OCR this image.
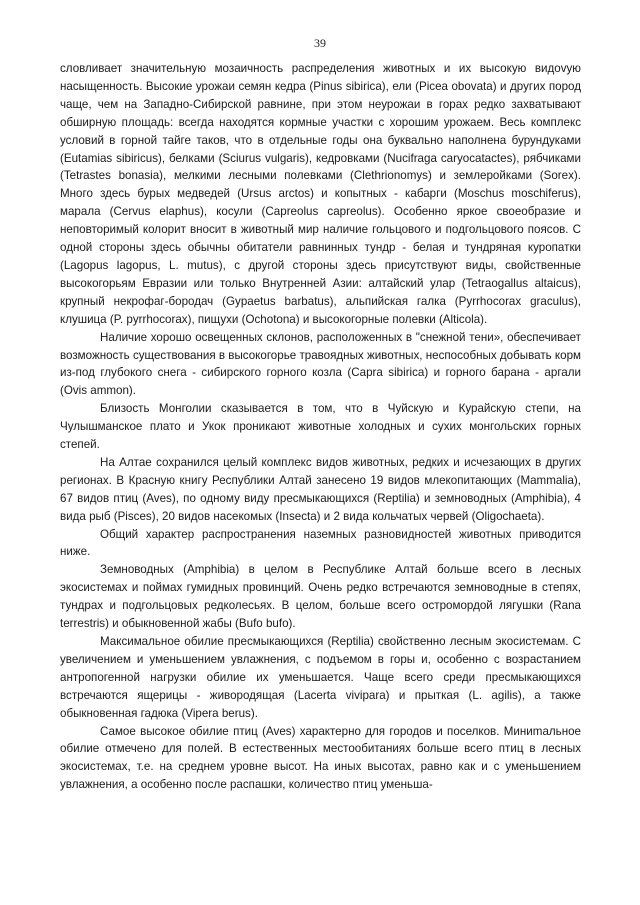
39

словливает значительную мозаичность распределения животных и их высокую видоvую насыщенность. Высокие урожаи семян кедра (Pinus sibirica), ели (Picea obovata) и других пород чаще, чем на Западно-Сибирской равнине, при этом неурожаи в горах редко захватывают обширную площадь: всегда находятся кормные участки с хорошим урожаем. Весь комплекс условий в горной тайге таков, что в отдельные годы она буквально наполнена бурундуками (Eutamias sibiricus), белками (Sciurus vulgaris), кедровками (Nucifraga caryocatactes), рябчиками (Tetrastes bonasia), мелкими лесными полевками (Clethrionomys) и землеройками (Sorex). Много здесь бурых медведей (Ursus arctos) и копытных - кабарги (Moschus moschiferus), марала (Cervus elaphus), косули (Capreolus capreolus). Особенно яркое своеобразие и неповторимый колорит вносит в животный мир наличие гольцового и подгольцового поясов. С одной стороны здесь обычны обитатели равнинных тундр - белая и тундряная куропатки (Lagopus lagopus, L. mutus), с другой стороны здесь присутствуют виды, свойственные высокогорьям Евразии или только Внутренней Азии: алтайский улар (Tetraogallus altaicus), крупный некрофаг-бородач (Gypaetus barbatus), альпийская галка (Pyrrhocorax graculus), клушица (P. pyrrhocorax), пищухи (Ochotona) и высокогорные полевки (Alticola).

Наличие хорошо освещенных склонов, расположенных в "снежной тени», обеспечивает возможность существования в высокогорье травоядных животных, неспособных добывать корм из-под глубокого снега - сибирского горного козла (Capra sibirica) и горного барана - аргали (Ovis ammon).

Близость Монголии сказывается в том, что в Чуйскую и Курайскую степи, на Чулышманское плато и Укок проникают животные холодных и сухих монгольских горных степей.

На Алтае сохранился целый комплекс видов животных, редких и исчезающих в других регионах. В Красную книгу Республики Алтай занесено 19 видов млекопитающих (Mammalia), 67 видов птиц (Aves), по одному виду пресмыкающихся (Reptilia) и земноводных (Amphibia), 4 вида рыб (Pisces), 20 видов насекомых (Insecta) и 2 вида кольчатых червей (Oligochaeta).

Общий характер распространения наземных разновидностей животных приводится ниже.

Земноводных (Amphibia) в целом в Республике Алтай больше всего в лесных экосистемах и поймах гумидных провинций. Очень редко встречаются земноводные в степях, тундрах и подгольцовых редколесьях. В целом, больше всего остромордой лягушки (Rana terrestris) и обыкновенной жабы (Bufo bufo).

Максимальное обилие пресмыкающихся (Reptilia) свойственно лесным экосистемам. С увеличением и уменьшением увлажнения, с подъемом в горы и, особенно с возрастанием антропогенной нагрузки обилие их уменьшается. Чаще всего среди пресмыкающихся встречаются ящерицы - живородящая (Lacerta vivipara) и прыткая (L. agilis), а также обыкновенная гадюка (Vipera berus).

Самое высокое обилие птиц (Aves) характерно для городов и поселков. Миниmальное обилие отмечено для полей. В естественных местообитаниях больше всего птиц в лесных экосистемах, т.е. на среднем уровне высот. На иных высотах, равно как и с уменьшением увлажнения, а особенно после распашки, количество птиц уменьша-
